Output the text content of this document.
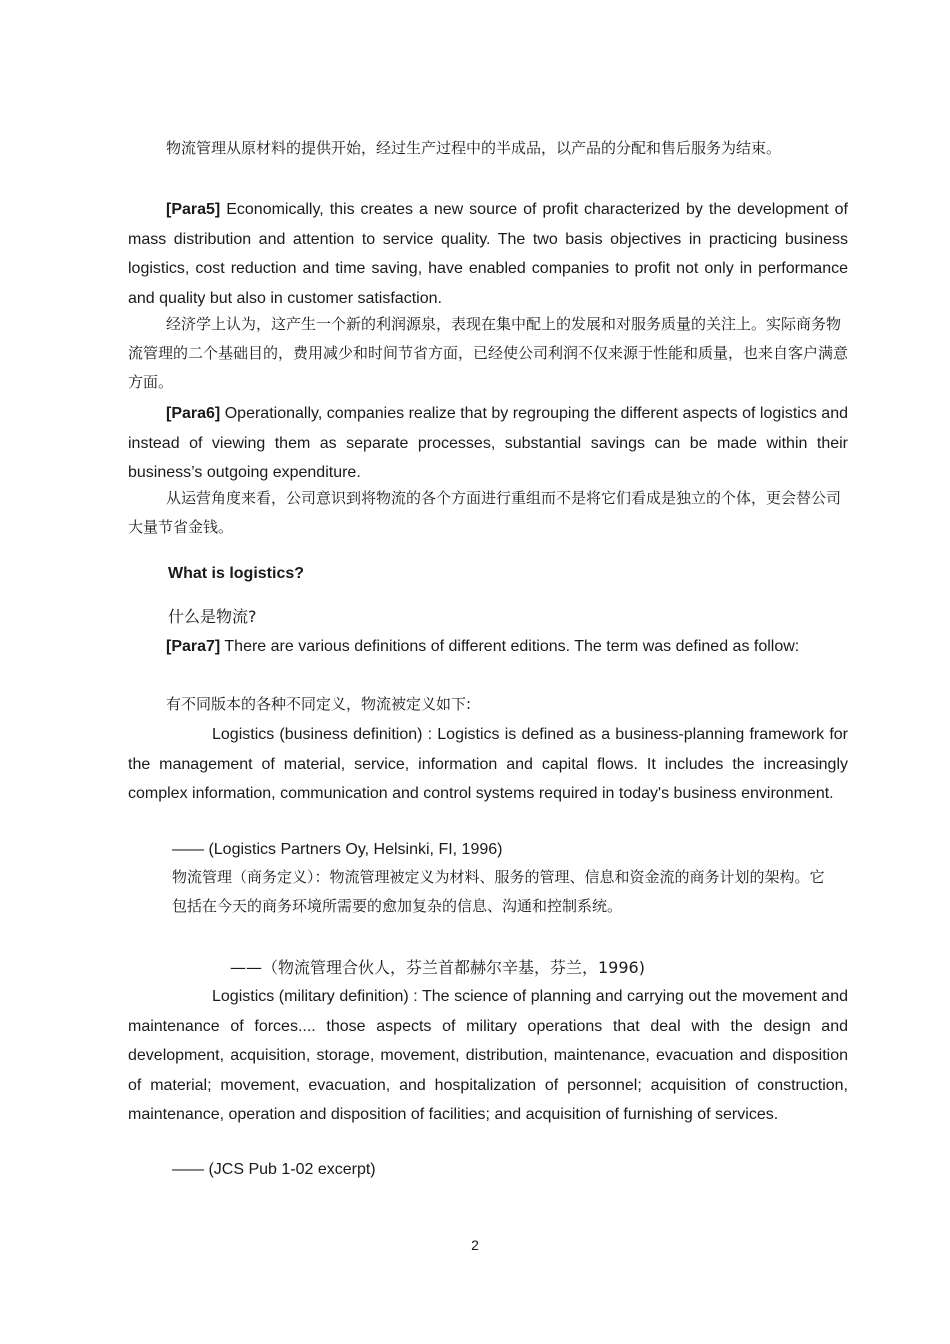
物流管理从原材料的提供开始，经过生产过程中的半成品，以产品的分配和售后服务为结束。
[Para5] Economically, this creates a new source of profit characterized by the development of mass distribution and attention to service quality. The two basis objectives in practicing business logistics, cost reduction and time saving, have enabled companies to profit not only in performance and quality but also in customer satisfaction.
经济学上认为，这产生一个新的利润源泉，表现在集中配上的发展和对服务质量的关注上。实际商务物流管理的二个基础目的，费用减少和时间节省方面，已经使公司利润不仅来源于性能和质量，也来自客户满意方面。
[Para6] Operationally, companies realize that by regrouping the different aspects of logistics and instead of viewing them as separate processes, substantial savings can be made within their business’s outgoing expenditure.
从运营角度来看，公司意识到将物流的各个方面进行重组而不是将它们看成是独立的个体，更会替公司大量节省金钱。
What is logistics?
什么是物流?
[Para7] There are various definitions of different editions. The term was defined as follow:
有不同版本的各种不同定义，物流被定义如下:
Logistics (business definition) : Logistics is defined as a business-planning framework for the management of material, service, information and capital flows. It includes the increasingly complex information, communication and control systems required in today's business environment.
—— (Logistics Partners Oy, Helsinki, FI, 1996)
物流管理（商务定义）：物流管理被定义为材料、服务的管理、信息和资金流的商务计划的架构。它包括在今天的商务环境所需要的愈加复杂的信息、沟通和控制系统。
——（物流管理合伙人，芬兰首都赫尔辛基，芬兰，1996)
Logistics (military definition) : The science of planning and carrying out the movement and maintenance of forces.... those aspects of military operations that deal with the design and development, acquisition, storage, movement, distribution, maintenance, evacuation and disposition of material; movement, evacuation, and hospitalization of personnel; acquisition of construction, maintenance, operation and disposition of facilities; and acquisition of furnishing of services.
—— (JCS Pub 1-02 excerpt)
2
